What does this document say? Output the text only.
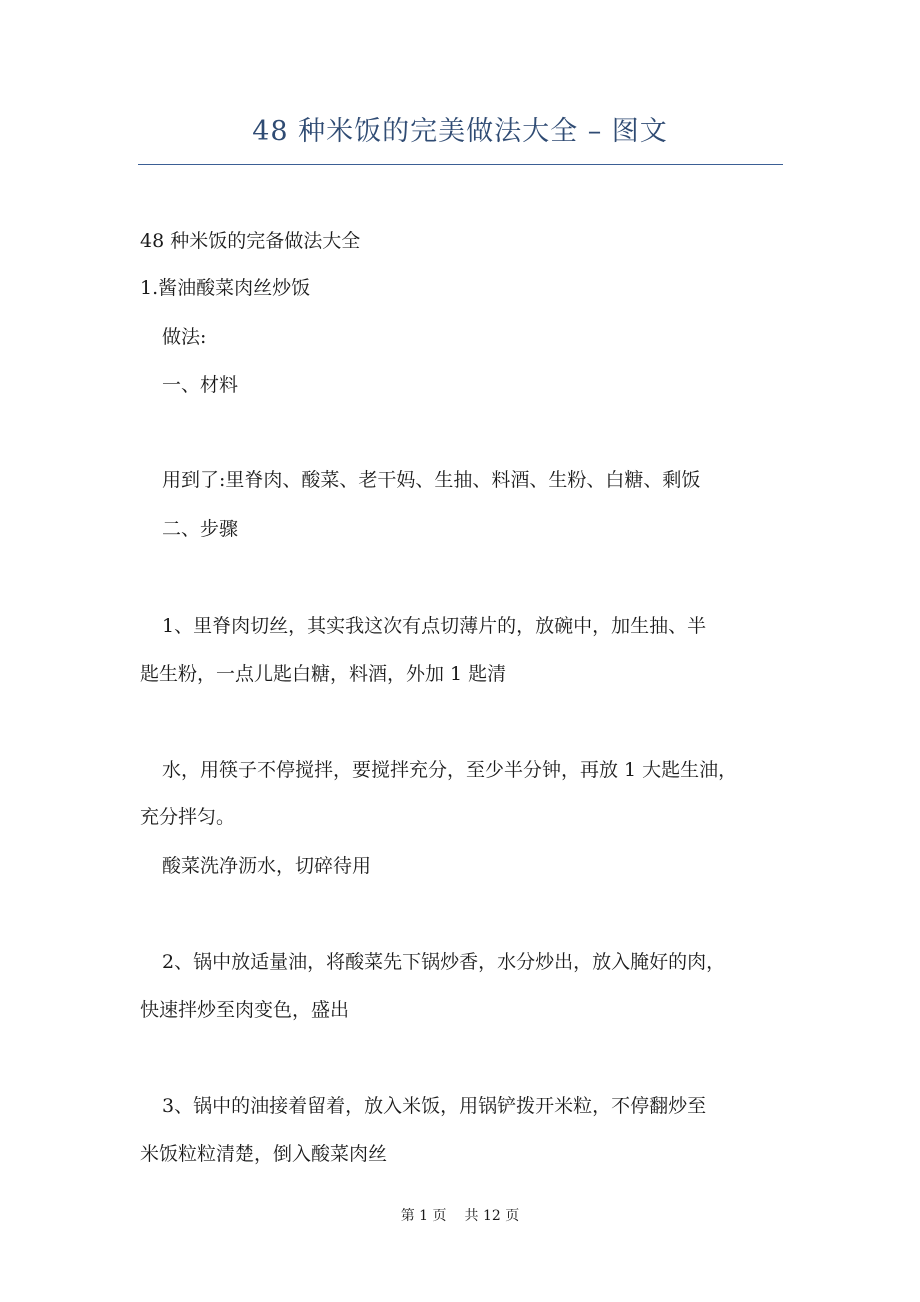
48 种米饭的完美做法大全 – 图文
48 种米饭的完备做法大全
1.酱油酸菜肉丝炒饭
做法:
一、材料
用到了:里脊肉、酸菜、老干妈、生抽、料酒、生粉、白糖、剩饭
二、步骤
1、里脊肉切丝，其实我这次有点切薄片的，放碗中，加生抽、半
匙生粉，一点儿匙白糖，料酒，外加 1 匙清
水，用筷子不停搅拌，要搅拌充分，至少半分钟，再放 1 大匙生油，
充分拌匀。
酸菜洗净沥水，切碎待用
2、锅中放适量油，将酸菜先下锅炒香，水分炒出，放入腌好的肉，
快速拌炒至肉变色，盛出
3、锅中的油接着留着，放入米饭，用锅铲拨开米粒，不停翻炒至
米饭粒粒清楚，倒入酸菜肉丝
第 1 页 共 12 页
